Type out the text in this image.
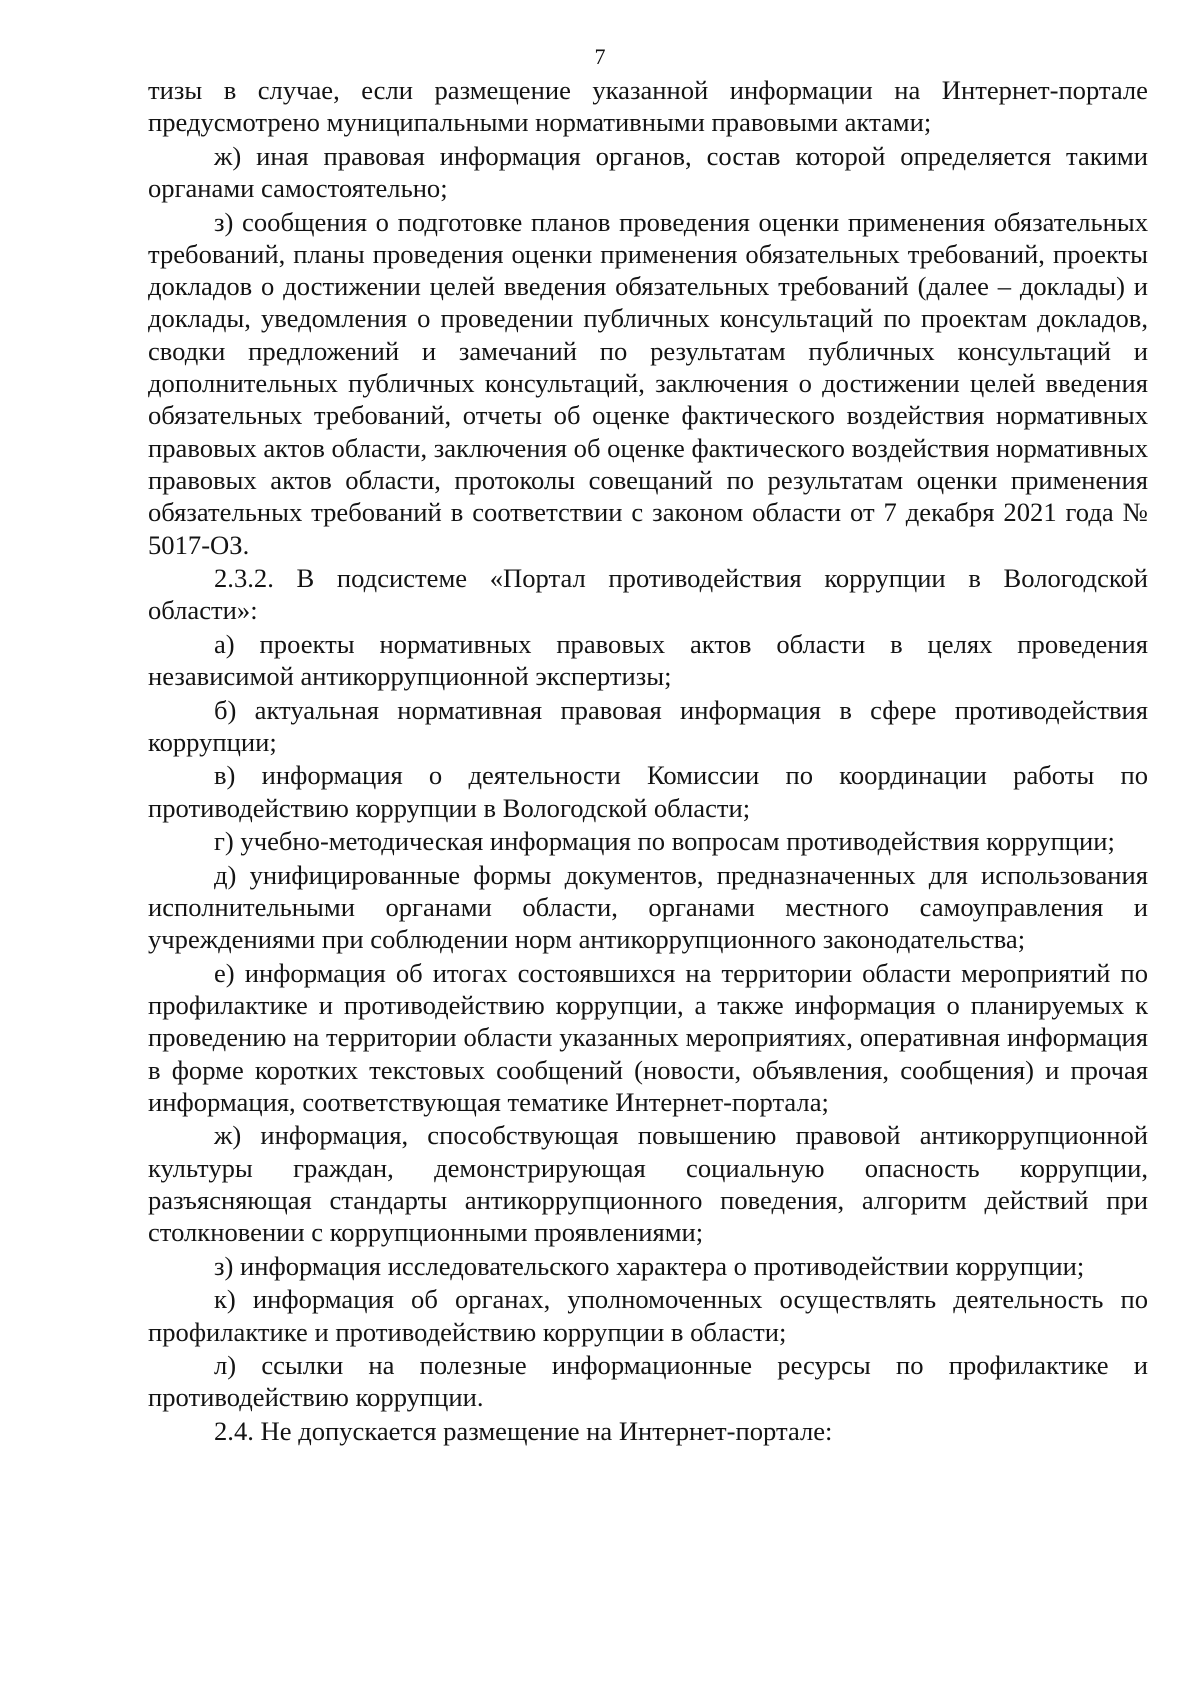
7

тизы в случае, если размещение указанной информации на Интернет-портале предусмотрено муниципальными нормативными правовыми актами;

ж) иная правовая информация органов, состав которой определяется такими органами самостоятельно;

з) сообщения о подготовке планов проведения оценки применения обязательных требований, планы проведения оценки применения обязательных требований, проекты докладов о достижении целей введения обязательных требований (далее – доклады) и доклады, уведомления о проведении публичных консультаций по проектам докладов, сводки предложений и замечаний по результатам публичных консультаций и дополнительных публичных консультаций, заключения о достижении целей введения обязательных требований, отчеты об оценке фактического воздействия нормативных правовых актов области, заключения об оценке фактического воздействия нормативных правовых актов области, протоколы совещаний по результатам оценки применения обязательных требований в соответствии с законом области от 7 декабря 2021 года № 5017-ОЗ.

2.3.2. В подсистеме «Портал противодействия коррупции в Вологодской области»:

а) проекты нормативных правовых актов области в целях проведения независимой антикоррупционной экспертизы;

б) актуальная нормативная правовая информация в сфере противодействия коррупции;

в) информация о деятельности Комиссии по координации работы по противодействию коррупции в Вологодской области;

г) учебно-методическая информация по вопросам противодействия коррупции;

д) унифицированные формы документов, предназначенных для использования исполнительными органами области, органами местного самоуправления и учреждениями при соблюдении норм антикоррупционного законодательства;

е) информация об итогах состоявшихся на территории области мероприятий по профилактике и противодействию коррупции, а также информация о планируемых к проведению на территории области указанных мероприятиях, оперативная информация в форме коротких текстовых сообщений (новости, объявления, сообщения) и прочая информация, соответствующая тематике Интернет-портала;

ж) информация, способствующая повышению правовой антикоррупционной культуры граждан, демонстрирующая социальную опасность коррупции, разъясняющая стандарты антикоррупционного поведения, алгоритм действий при столкновении с коррупционными проявлениями;

з) информация исследовательского характера о противодействии коррупции;

к) информация об органах, уполномоченных осуществлять деятельность по профилактике и противодействию коррупции в области;

л) ссылки на полезные информационные ресурсы по профилактике и противодействию коррупции.

2.4. Не допускается размещение на Интернет-портале:
